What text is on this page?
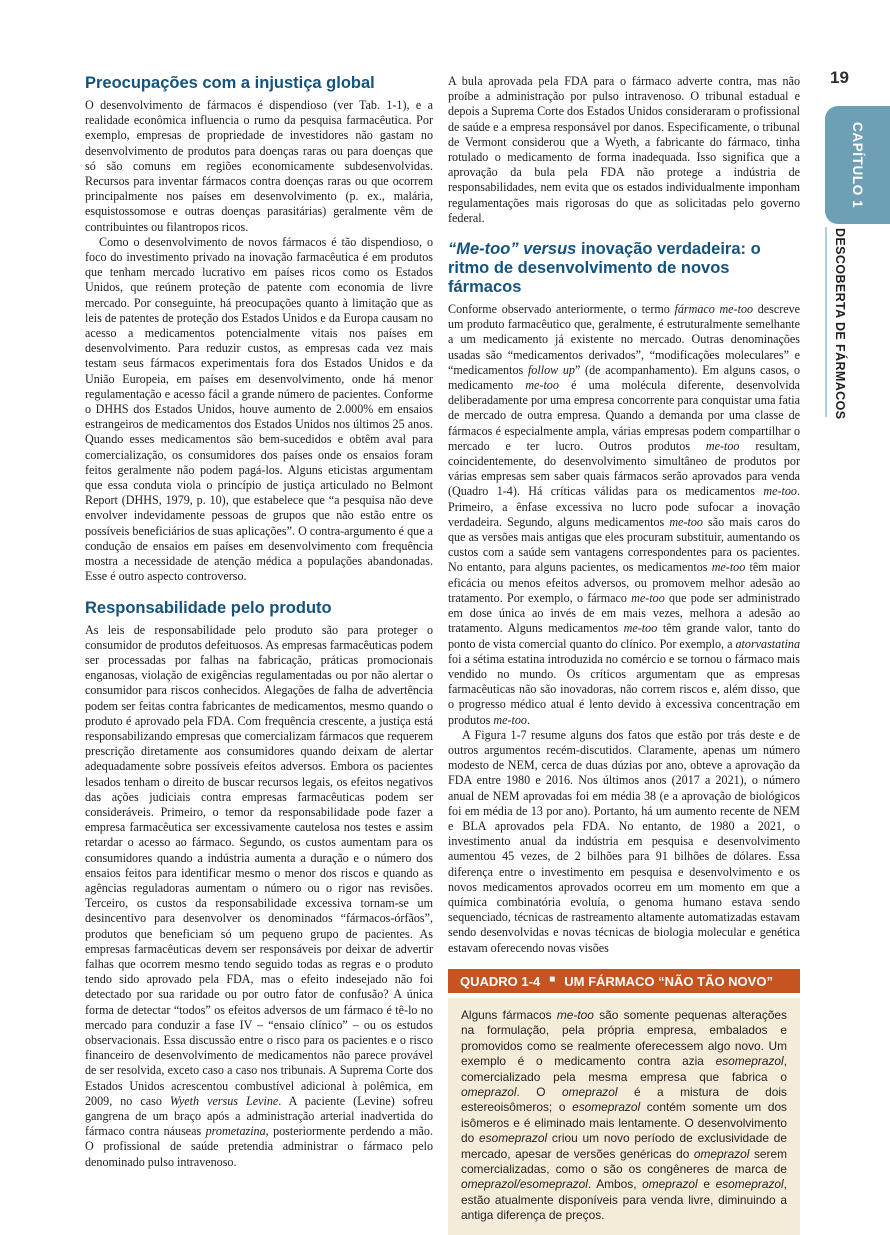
19
CAPÍTULO 1
DESCOBERTA DE FÁRMACOS
Preocupações com a injustiça global

O desenvolvimento de fármacos é dispendioso (ver Tab. 1-1), e a realidade econômica influencia o rumo da pesquisa farmacêutica. Por exemplo, empresas de propriedade de investidores não gastam no desenvolvimento de produtos para doenças raras ou para doenças que só são comuns em regiões economicamente subdesenvolvidas. Recursos para inventar fármacos contra doenças raras ou que ocorrem principalmente nos países em desenvolvimento (p. ex., malária, esquistossomose e outras doenças parasitárias) geralmente vêm de contribuintes ou filantropos ricos.

Como o desenvolvimento de novos fármacos é tão dispendioso, o foco do investimento privado na inovação farmacêutica é em produtos que tenham mercado lucrativo em países ricos como os Estados Unidos, que reúnem proteção de patente com economia de livre mercado. Por conseguinte, há preocupações quanto à limitação que as leis de patentes de proteção dos Estados Unidos e da Europa causam no acesso a medicamentos potencialmente vitais nos países em desenvolvimento. Para reduzir custos, as empresas cada vez mais testam seus fármacos experimentais fora dos Estados Unidos e da União Europeia, em países em desenvolvimento, onde há menor regulamentação e acesso fácil a grande número de pacientes. Conforme o DHHS dos Estados Unidos, houve aumento de 2.000% em ensaios estrangeiros de medicamentos dos Estados Unidos nos últimos 25 anos. Quando esses medicamentos são bem-sucedidos e obtêm aval para comercialização, os consumidores dos países onde os ensaios foram feitos geralmente não podem pagá-los. Alguns eticistas argumentam que essa conduta viola o princípio de justiça articulado no Belmont Report (DHHS, 1979, p. 10), que estabelece que “a pesquisa não deve envolver indevidamente pessoas de grupos que não estão entre os possíveis beneficiários de suas aplicações”. O contra-argumento é que a condução de ensaios em países em desenvolvimento com frequência mostra a necessidade de atenção médica a populações abandonadas. Esse é outro aspecto controverso.

Responsabilidade pelo produto

As leis de responsabilidade pelo produto são para proteger o consumidor de produtos defeituosos. As empresas farmacêuticas podem ser processadas por falhas na fabricação, práticas promocionais enganosas, violação de exigências regulamentadas ou por não alertar o consumidor para riscos conhecidos. Alegações de falha de advertência podem ser feitas contra fabricantes de medicamentos, mesmo quando o produto é aprovado pela FDA. Com frequência crescente, a justiça está responsabilizando empresas que comercializam fármacos que requerem prescrição diretamente aos consumidores quando deixam de alertar adequadamente sobre possíveis efeitos adversos. Embora os pacientes lesados tenham o direito de buscar recursos legais, os efeitos negativos das ações judiciais contra empresas farmacêuticas podem ser consideráveis. Primeiro, o temor da responsabilidade pode fazer a empresa farmacêutica ser excessivamente cautelosa nos testes e assim retardar o acesso ao fármaco. Segundo, os custos aumentam para os consumidores quando a indústria aumenta a duração e o número dos ensaios feitos para identificar mesmo o menor dos riscos e quando as agências reguladoras aumentam o número ou o rigor nas revisões. Terceiro, os custos da responsabilidade excessiva tornam-se um desincentivo para desenvolver os denominados “fármacos-órfãos”, produtos que beneficiam só um pequeno grupo de pacientes. As empresas farmacêuticas devem ser responsáveis por deixar de advertir falhas que ocorrem mesmo tendo seguido todas as regras e o produto tendo sido aprovado pela FDA, mas o efeito indesejado não foi detectado por sua raridade ou por outro fator de confusão? A única forma de detectar “todos” os efeitos adversos de um fármaco é tê-lo no mercado para conduzir a fase IV – “ensaio clínico” – ou os estudos observacionais. Essa discussão entre o risco para os pacientes e o risco financeiro de desenvolvimento de medicamentos não parece provável de ser resolvida, exceto caso a caso nos tribunais. A Suprema Corte dos Estados Unidos acrescentou combustível adicional à polêmica, em 2009, no caso Wyeth versus Levine. A paciente (Levine) sofreu gangrena de um braço após a administração arterial inadvertida do fármaco contra náuseas prometazina, posteriormente perdendo a mão. O profissional de saúde pretendia administrar o fármaco pelo denominado pulso intravenoso.

A bula aprovada pela FDA para o fármaco adverte contra, mas não proíbe a administração por pulso intravenoso. O tribunal estadual e depois a Suprema Corte dos Estados Unidos consideraram o profissional de saúde e a empresa responsável por danos. Especificamente, o tribunal de Vermont considerou que a Wyeth, a fabricante do fármaco, tinha rotulado o medicamento de forma inadequada. Isso significa que a aprovação da bula pela FDA não protege a indústria de responsabilidades, nem evita que os estados individualmente imponham regulamentações mais rigorosas do que as solicitadas pelo governo federal.

“Me-too” versus inovação verdadeira: o ritmo de desenvolvimento de novos fármacos

Conforme observado anteriormente, o termo fármaco me-too descreve um produto farmacêutico que, geralmente, é estruturalmente semelhante a um medicamento já existente no mercado. Outras denominações usadas são “medicamentos derivados”, “modificações moleculares” e “medicamentos follow up” (de acompanhamento). Em alguns casos, o medicamento me-too é uma molécula diferente, desenvolvida deliberadamente por uma empresa concorrente para conquistar uma fatia de mercado de outra empresa. Quando a demanda por uma classe de fármacos é especialmente ampla, várias empresas podem compartilhar o mercado e ter lucro. Outros produtos me-too resultam, coincidentemente, do desenvolvimento simultâneo de produtos por várias empresas sem saber quais fármacos serão aprovados para venda (Quadro 1-4). Há críticas válidas para os medicamentos me-too. Primeiro, a ênfase excessiva no lucro pode sufocar a inovação verdadeira. Segundo, alguns medicamentos me-too são mais caros do que as versões mais antigas que eles procuram substituir, aumentando os custos com a saúde sem vantagens correspondentes para os pacientes. No entanto, para alguns pacientes, os medicamentos me-too têm maior eficácia ou menos efeitos adversos, ou promovem melhor adesão ao tratamento. Por exemplo, o fármaco me-too que pode ser administrado em dose única ao invés de em mais vezes, melhora a adesão ao tratamento. Alguns medicamentos me-too têm grande valor, tanto do ponto de vista comercial quanto do clínico. Por exemplo, a atorvastatina foi a sétima estatina introduzida no comércio e se tornou o fármaco mais vendido no mundo. Os críticos argumentam que as empresas farmacêuticas não são inovadoras, não correm riscos e, além disso, que o progresso médico atual é lento devido à excessiva concentração em produtos me-too.

A Figura 1-7 resume alguns dos fatos que estão por trás deste e de outros argumentos recém-discutidos. Claramente, apenas um número modesto de NEM, cerca de duas dúzias por ano, obteve a aprovação da FDA entre 1980 e 2016. Nos últimos anos (2017 a 2021), o número anual de NEM aprovadas foi em média 38 (e a aprovação de biológicos foi em média de 13 por ano). Portanto, há um aumento recente de NEM e BLA aprovados pela FDA. No entanto, de 1980 a 2021, o investimento anual da indústria em pesquisa e desenvolvimento aumentou 45 vezes, de 2 bilhões para 91 bilhões de dólares. Essa diferença entre o investimento em pesquisa e desenvolvimento e os novos medicamentos aprovados ocorreu em um momento em que a química combinatória evoluía, o genoma humano estava sendo sequenciado, técnicas de rastreamento altamente automatizadas estavam sendo desenvolvidas e novas técnicas de biologia molecular e genética estavam oferecendo novas visões

QUADRO 1-4 ■ UM FÁRMACO “NÃO TÃO NOVO”
Alguns fármacos me-too são somente pequenas alterações na formulação, pela própria empresa, embalados e promovidos como se realmente oferecessem algo novo. Um exemplo é o medicamento contra azia esomeprazol, comercializado pela mesma empresa que fabrica o omeprazol. O omeprazol é a mistura de dois estereoisômeros; o esomeprazol contém somente um dos isômeros e é eliminado mais lentamente. O desenvolvimento do esomeprazol criou um novo período de exclusividade de mercado, apesar de versões genéricas do omeprazol serem comercializadas, como o são os congêneres de marca de omeprazol/esomeprazol. Ambos, omeprazol e esomeprazol, estão atualmente disponíveis para venda livre, diminuindo a antiga diferença de preços.
